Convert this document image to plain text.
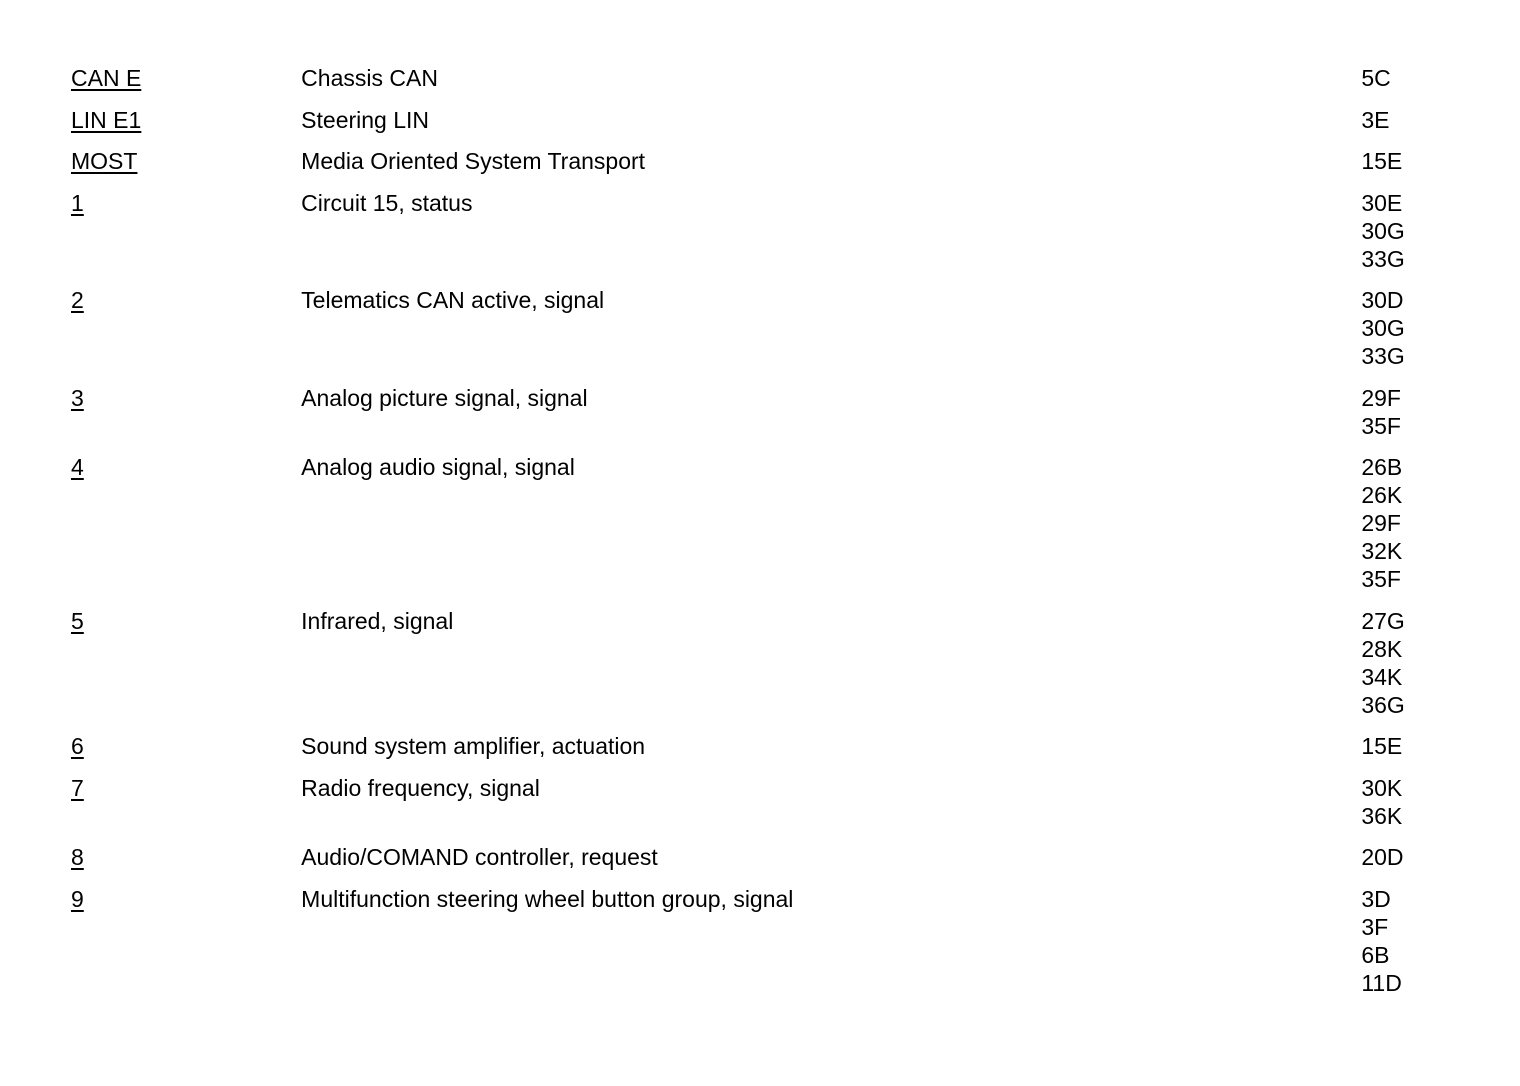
CAN E	Chassis CAN	5C
LIN E1	Steering LIN	3E
MOST	Media Oriented System Transport	15E
1	Circuit 15, status	30E
30G
33G
2	Telematics CAN active, signal	30D
30G
33G
3	Analog picture signal, signal	29F
35F
4	Analog audio signal, signal	26B
26K
29F
32K
35F
5	Infrared, signal	27G
28K
34K
36G
6	Sound system amplifier, actuation	15E
7	Radio frequency, signal	30K
36K
8	Audio/COMAND controller, request	20D
9	Multifunction steering wheel button group, signal	3D
3F
6B
11D
